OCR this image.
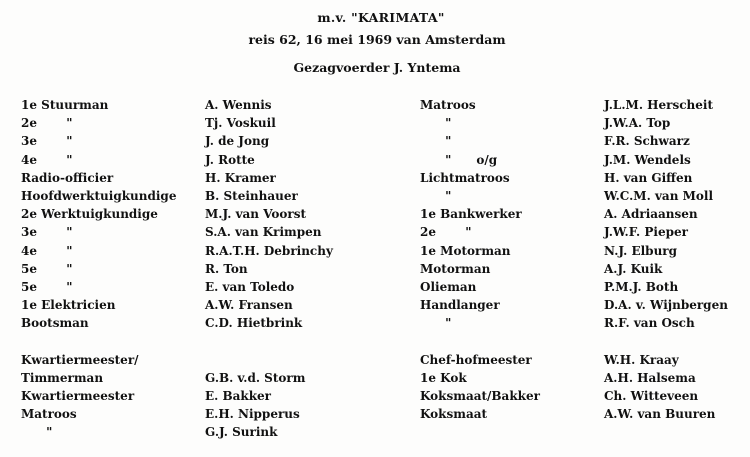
m.v. "KARIMATA"
reis 62, 16 mei 1969 van Amsterdam
Gezagvoerder J. Yntema
1e Stuurman
2e       "
3e       "
4e       "
Radio-officier
Hoofdwerktuigkundige
2e Werktuigkundige
3e       "
4e       "
5e       "
5e       "
1e Elektricien
Bootsman
Kwartiermeester/
Timmerman
Kwartiermeester
Matroos
"
A. Wennis
Tj. Voskuil
J. de Jong
J. Rotte
H. Kramer
B. Steinhauer
M.J. van Voorst
S.A. van Krimpen
R.A.T.H. Debrinchy
R. Ton
E. van Toledo
A.W. Fransen
C.D. Hietbrink
G.B. v.d. Storm
E. Bakker
E.H. Nipperus
G.J. Surink
Matroos
"
"
"      o/g
Lichtmatroos
"
1e Bankwerker
2e       "
1e Motorman
Motorman
Olieman
Handlanger
"
Chef-hofmeester
1e Kok
Koksmaat/Bakker
Koksmaat
J.L.M. Herscheit
J.W.A. Top
F.R. Schwarz
J.M. Wendels
H. van Giffen
W.C.M. van Moll
A. Adriaansen
J.W.F. Pieper
N.J. Elburg
A.J. Kuik
P.M.J. Both
D.A. v. Wijnbergen
R.F. van Osch
W.H. Kraay
A.H. Halsema
Ch. Witteveen
A.W. van Buuren
